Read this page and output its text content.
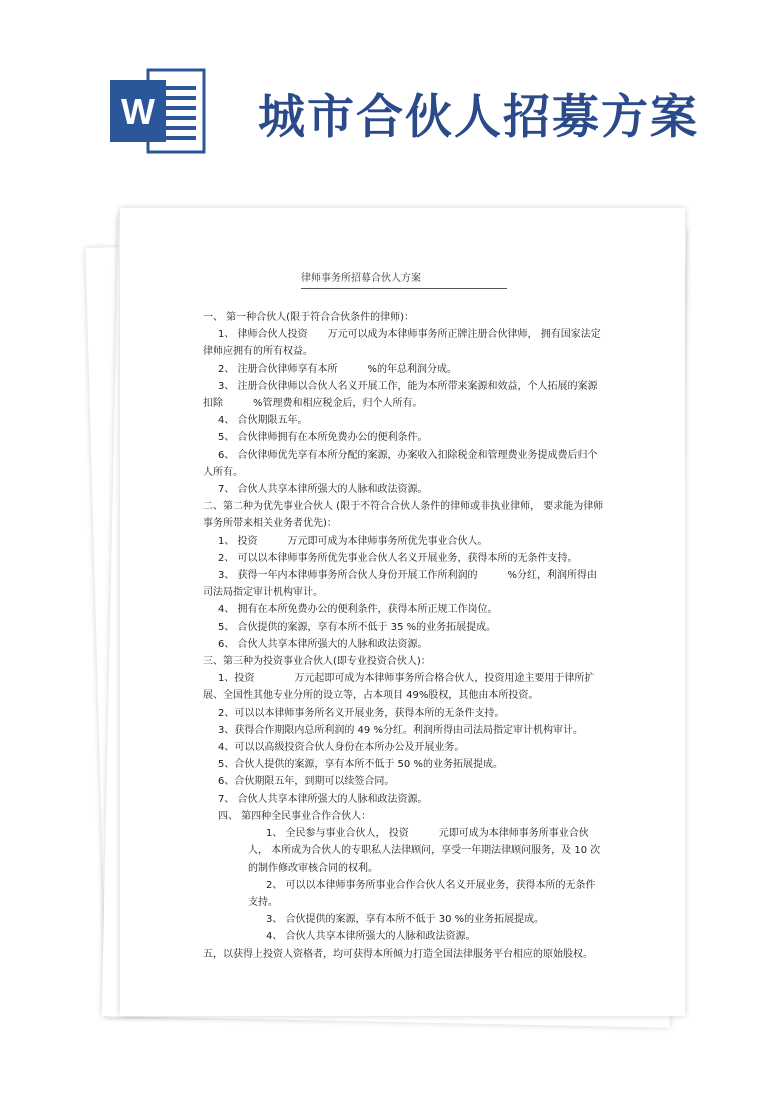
W 城市合伙人招募方案
律师事务所招募合伙人方案

一、 第一种合伙人(限于符合合伙条件的律师)：

1、 律师合伙人投资　　万元可以成为本律师事务所正牌注册合伙律师， 拥有国家法定律师应拥有的所有权益。

2、 注册合伙律师享有本所　　　%的年总利润分成。

3、 注册合伙律师以合伙人名义开展工作，能为本所带来案源和效益，个人拓展的案源扣除　　　%管理费和相应税金后，归个人所有。

4、 合伙期限五年。

5、 合伙律师拥有在本所免费办公的便利条件。

6、 合伙律师优先享有本所分配的案源，办案收入扣除税金和管理费业务提成费后归个人所有。

7、 合伙人共享本律所强大的人脉和政法资源。

二、第二种为优先事业合伙人 (限于不符合合伙人条件的律师或非执业律师， 要求能为律师事务所带来相关业务者优先)：

1、 投资　　　万元即可成为本律师事务所优先事业合伙人。

2、 可以以本律师事务所优先事业合伙人名义开展业务，获得本所的无条件支持。

3、 获得一年内本律师事务所合伙人身份开展工作所利润的　　　%分红，利润所得由司法局指定审计机构审计。

4、 拥有在本所免费办公的便利条件，获得本所正规工作岗位。

5、 合伙提供的案源，享有本所不低于 35 %的业务拓展提成。

6、 合伙人共享本律所强大的人脉和政法资源。

三、第三种为投资事业合伙人(即专业投资合伙人)：

1、投资　　　　万元起即可成为本律师事务所合格合伙人，投资用途主要用于律所扩展、全国性其他专业分所的设立等，占本项目 49%股权，其他由本所投资。

2、可以以本律师事务所名义开展业务，获得本所的无条件支持。

3、获得合作期限内总所利润的 49 %分红。利润所得由司法局指定审计机构审计。

4、可以以高级投资合伙人身份在本所办公及开展业务。

5、合伙人提供的案源，享有本所不低于 50 %的业务拓展提成。

6、合伙期限五年，到期可以续签合同。

7、 合伙人共享本律所强大的人脉和政法资源。

四、 第四种全民事业合作合伙人：

1、 全民参与事业合伙人， 投资　　　元即可成为本律师事务所事业合伙人， 本所成为合伙人的专职私人法律顾问，享受一年期法律顾问服务，及 10 次的制作修改审核合同的权利。

2、 可以以本律师事务所事业合作合伙人名义开展业务，获得本所的无条件支持。

3、 合伙提供的案源，享有本所不低于 30 %的业务拓展提成。

4、 合伙人共享本律所强大的人脉和政法资源。

五，以获得上投资人资格者，均可获得本所倾力打造全国法律服务平台相应的原始股权。
